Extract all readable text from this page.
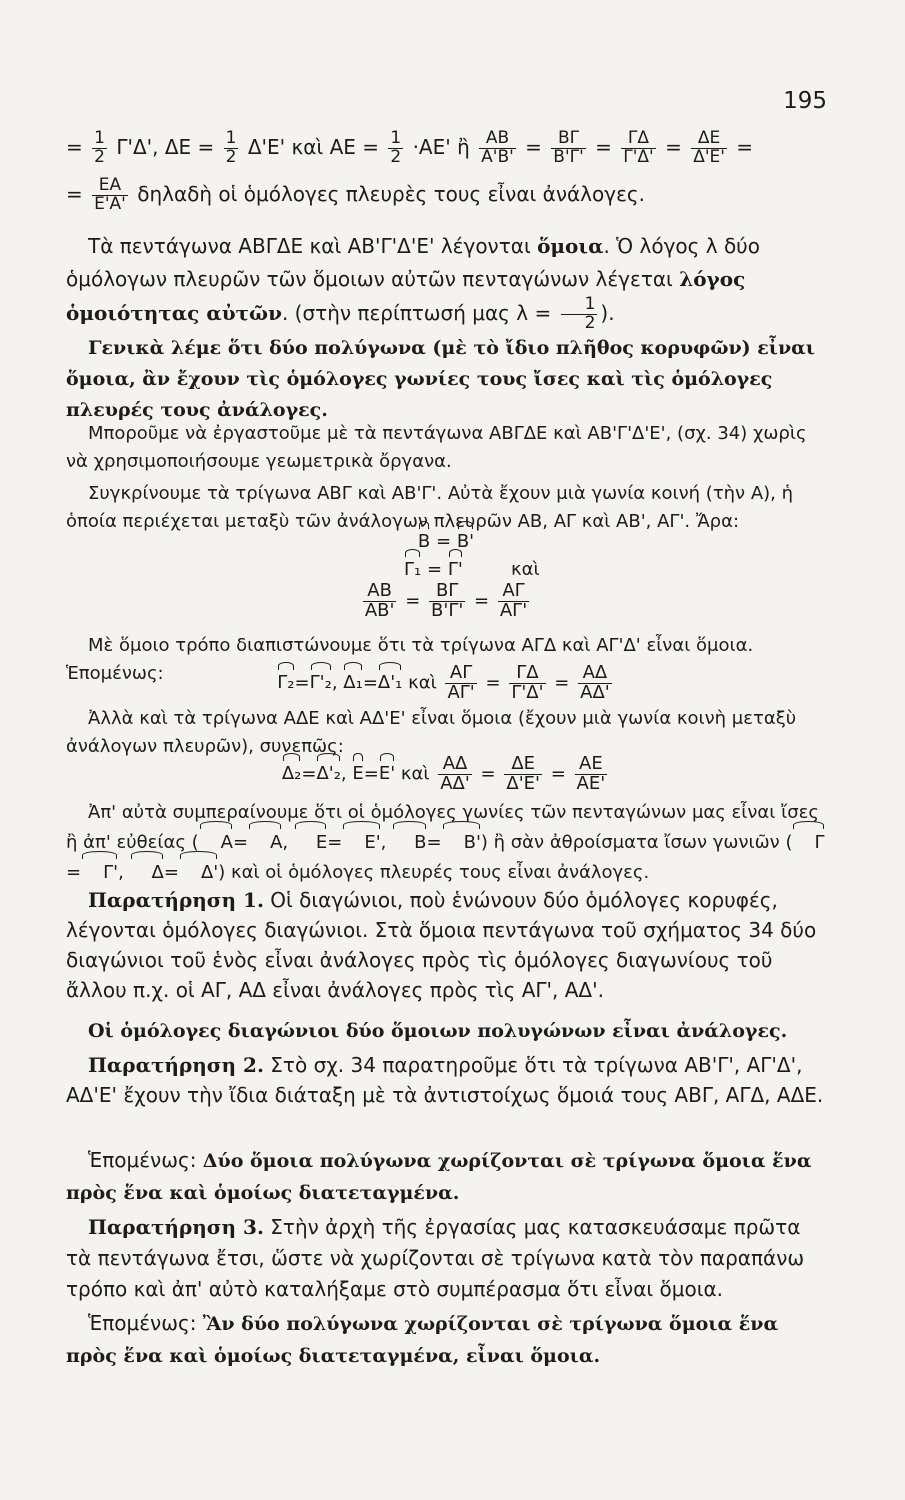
195
= $\frac{1}{2} \Gamma'\Delta'$, $\Delta E = \frac{1}{2} \Delta'E'$ καὶ $AE = \frac{1}{2} \cdot AE'$ ἢ $\frac{AB}{A'B'} = \frac{B\Gamma}{B'\Gamma'} = \frac{\Gamma\Delta}{\Gamma'\Delta'} = \frac{\Delta E}{\Delta'E'}$ =
= $\frac{EA}{E'A'}$ δηλαδὴ οἱ ὁμόλογες πλευρὲς τους εἶναι ἀνάλογες.
Τὰ πεντάγωνα ΑΒΓΔΕ καὶ ΑΒ'Γ'Δ'Ε' λέγονται ὅμοια. Ὁ λόγος λ δύο ὁμόλογων πλευρῶν τῶν ὅμοιων αὐτῶν πενταγώνων λέγεται λόγος ὁμοιότητας αὐτῶν. (στὴν περίπτωσή μας $\lambda = \frac{1}{2}$ ).
Γενικὰ λέμε ὅτι δύο πολύγωνα (μὲ τὸ ἴδιο πλῆθος κορυφῶν) εἶναι ὅμοια, ἂν ἔχουν τὶς ὁμόλογες γωνίες τους ἴσες καὶ τὶς ὁμόλογες πλευρές τους ἀνάλογες.
Μποροῦμε νὰ ἐργαστοῦμε μὲ τὰ πεντάγωνα ΑΒΓΔΕ καὶ ΑΒ'Γ'Δ'Ε', (σχ. 34) χωρὶς νὰ χρησιμοποιήσουμε γεωμετρικὰ ὄργανα.
Συγκρίνουμε τὰ τρίγωνα ΑΒΓ καὶ ΑΒ'Γ'. Αὐτὰ ἔχουν μιὰ γωνία κοινή (τὴν Α), ἡ ὁποία περιέχεται μεταξὺ τῶν ἀνάλογων πλευρῶν ΑΒ, ΑΓ καὶ ΑΒ', ΑΓ'. Ἄρα:
Β = Β'
Γ₁ = Γ'	καὶ
$\frac{AB}{AB'} = \frac{B\Gamma}{B'\Gamma'} = \frac{A\Gamma}{A\Gamma'}$
Μὲ ὅμοιο τρόπο διαπιστώνουμε ὅτι τὰ τρίγωνα ΑΓΔ καὶ ΑΓ'Δ' εἶναι ὅμοια. Ἑπομένως:	Γ₂=Γ'₂, Δ₁=Δ'₁ καὶ $\frac{A\Gamma}{A\Gamma'} = \frac{\Gamma\Delta}{\Gamma'\Delta'} = \frac{A\Delta}{A\Delta'}$
Ἀλλὰ καὶ τὰ τρίγωνα ΑΔΕ καὶ ΑΔ'Ε' εἶναι ὅμοια (ἔχουν μιὰ γωνία κοινὴ μεταξὺ ἀνάλογων πλευρῶν), συνεπῶς:
Δ₂=Δ'₂, Ε=Ε' καὶ $\frac{A\Delta}{A\Delta'} = \frac{\Delta E}{\Delta'E'} = \frac{AE}{AE'}$
Ἀπ' αὐτὰ συμπεραίνουμε ὅτι οἱ ὁμόλογες γωνίες τῶν πενταγώνων μας εἶναι ἴσες ἢ ἀπ' εὐθείας ( Α= Α, Ε= Ε', Β= Β') ἢ σὰν ἀθροίσματα ἴσων γωνιῶν ( Γ= Γ', Δ= Δ') καὶ οἱ ὁμόλογες πλευρές τους εἶναι ἀνάλογες.
Παρατήρηση 1. Οἱ διαγώνιοι, ποὺ ἑνώνουν δύο ὁμόλογες κορυφές, λέγονται ὁμόλογες διαγώνιοι. Στὰ ὅμοια πεντάγωνα τοῦ σχήματος 34 δύο διαγώνιοι τοῦ ἑνὸς εἶναι ἀνάλογες πρὸς τὶς ὁμόλογες διαγωνίους τοῦ ἄλλου π.χ. οἱ ΑΓ, ΑΔ εἶναι ἀνάλογες πρὸς τὶς ΑΓ', ΑΔ'.
Οἱ ὁμόλογες διαγώνιοι δύο ὅμοιων πολυγώνων εἶναι ἀνάλογες.
Παρατήρηση 2. Στὸ σχ. 34 παρατηροῦμε ὅτι τὰ τρίγωνα ΑΒ'Γ', ΑΓ'Δ', ΑΔ'Ε' ἔχουν τὴν ἴδια διάταξη μὲ τὰ ἀντιστοίχως ὅμοιά τους ΑΒΓ, ΑΓΔ, ΑΔΕ.
Ἑπομένως: Δύο ὅμοια πολύγωνα χωρίζονται σὲ τρίγωνα ὅμοια ἕνα πρὸς ἕνα καὶ ὁμοίως διατεταγμένα.
Παρατήρηση 3. Στὴν ἀρχὴ τῆς ἐργασίας μας κατασκευάσαμε πρῶτα τὰ πεντάγωνα ἔτσι, ὥστε νὰ χωρίζονται σὲ τρίγωνα κατὰ τὸν παραπάνω τρόπο καὶ ἀπ' αὐτὸ καταλήξαμε στὸ συμπέρασμα ὅτι εἶναι ὅμοια.
Ἑπομένως: Ἂν δύο πολύγωνα χωρίζονται σὲ τρίγωνα ὅμοια ἕνα πρὸς ἕνα καὶ ὁμοίως διατεταγμένα, εἶναι ὅμοια.
